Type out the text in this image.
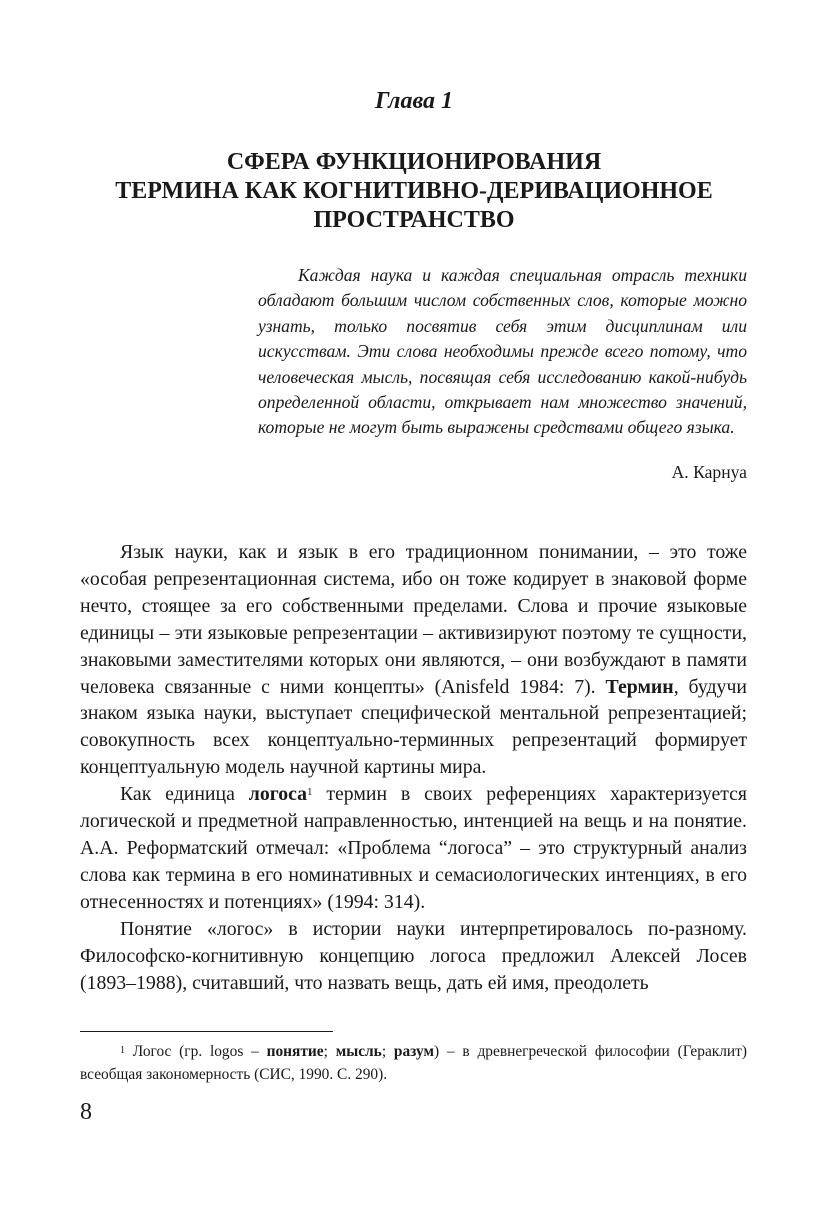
Глава 1
СФЕРА ФУНКЦИОНИРОВАНИЯ
ТЕРМИНА КАК КОГНИТИВНО-ДЕРИВАЦИОННОЕ
ПРОСТРАНСТВО
Каждая наука и каждая специальная отрасль техники обладают большим числом собственных слов, которые можно узнать, только посвятив себя этим дисциплинам или искусствам. Эти слова необходимы прежде всего потому, что человеческая мысль, посвящая себя исследованию какой-нибудь определенной области, открывает нам множество значений, которые не могут быть выражены средствами общего языка.
А. Карнуа

Язык науки, как и язык в его традиционном понимании, – это тоже «особая репрезентационная система, ибо он тоже кодирует в знаковой форме нечто, стоящее за его собственными пределами. Слова и прочие языковые единицы – эти языковые репрезентации – активизируют поэтому те сущности, знаковыми заместителями которых они являются, – они возбуждают в памяти человека связанные с ними концепты» (Anisfeld 1984: 7). Термин, будучи знаком языка науки, выступает специфической ментальной репрезентацией; совокупность всех концептуально-терминных репрезентаций формирует концептуальную модель научной картины мира.

Как единица логоса$^1$ термин в своих референциях характеризуется логической и предметной направленностью, интенцией на вещь и на понятие. А.А. Реформатский отмечал: «Проблема “логоса” – это структурный анализ слова как термина в его номинативных и семасиологических интенциях, в его отнесенностях и потенциях» (1994: 314).

Понятие «логос» в истории науки интерпретировалось по-разному. Философско-когнитивную концепцию логоса предложил Алексей Лосев (1893–1988), считавший, что назвать вещь, дать ей имя, преодолеть

$^1$ Логос (гр. logos – понятие; мысль; разум) – в древнегреческой философии (Гераклит) всеобщая закономерность (СИС, 1990. С. 290).
8
